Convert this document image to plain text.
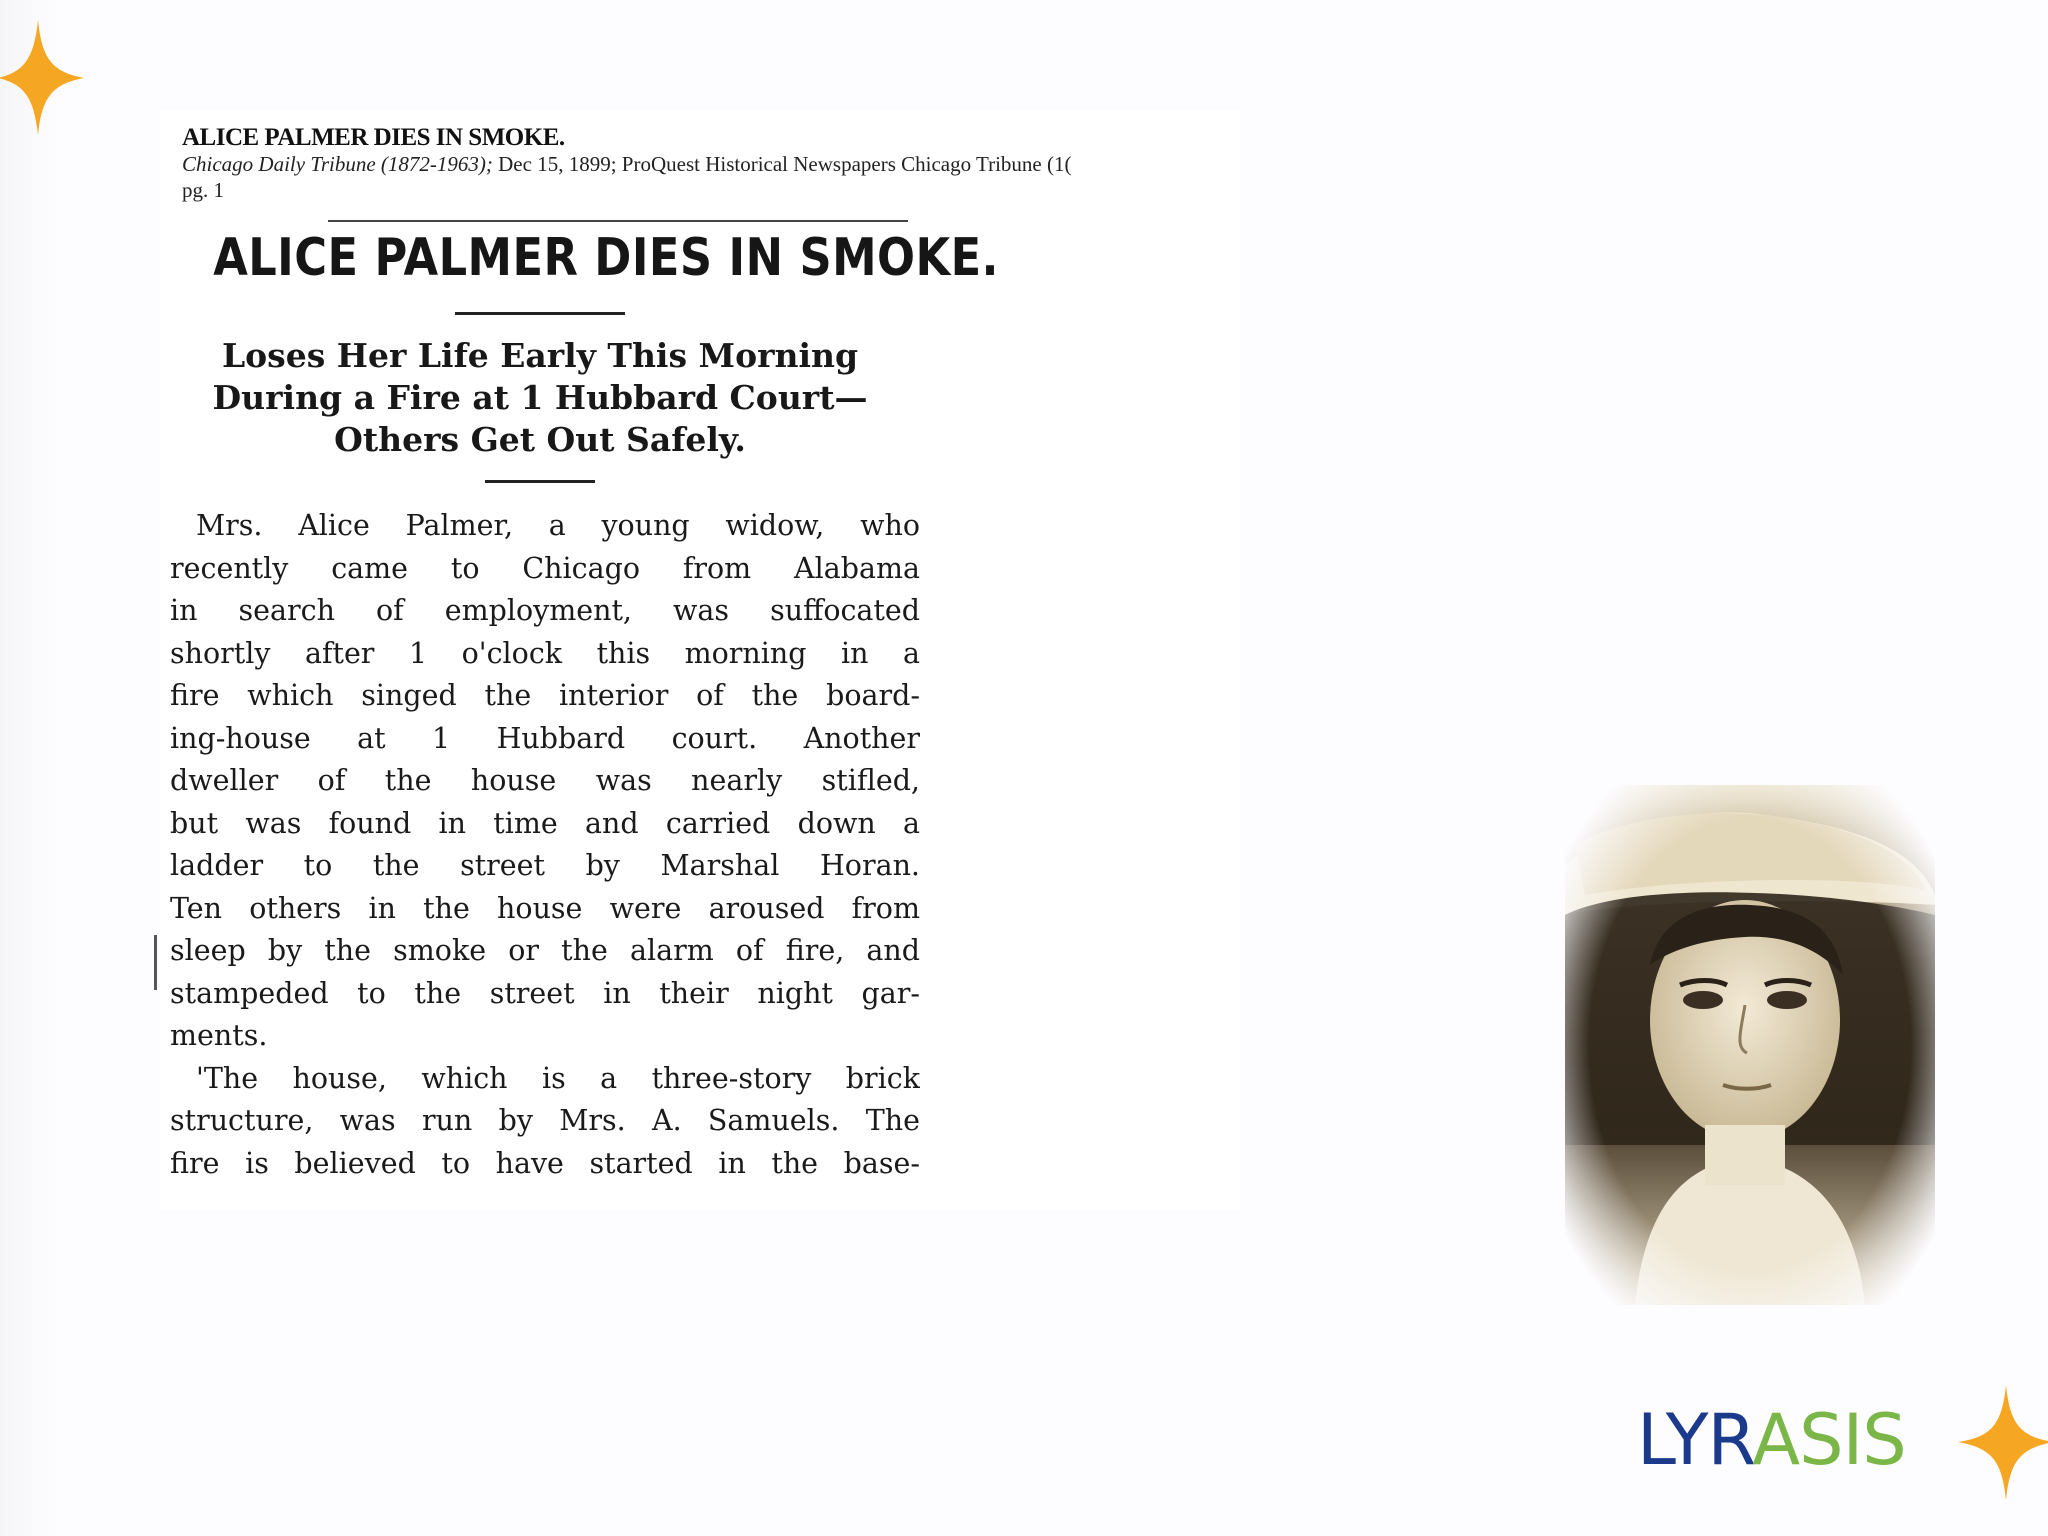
ALICE PALMER DIES IN SMOKE.

Chicago Daily Tribune (1872-1963); Dec 15, 1899; ProQuest Historical Newspapers Chicago Tribune (1(

pg. 1

ALICE PALMER DIES IN SMOKE.
Loses Her Life Early This Morning
During a Fire at 1 Hubbard Court—
Others Get Out Safely.
Mrs. Alice Palmer, a young widow, who
recently came to Chicago from Alabama
in search of employment, was suffocated
shortly after 1 o'clock this morning in a
fire which singed the interior of the board-
ing-house at 1 Hubbard court. Another
dweller of the house was nearly stifled,
but was found in time and carried down a
ladder to the street by Marshal Horan.
Ten others in the house were aroused from
sleep by the smoke or the alarm of fire, and
stampeded to the street in their night gar-
ments.
'The house, which is a three-story brick
structure, was run by Mrs. A. Samuels. The
fire is believed to have started in the base-
LYRASIS
